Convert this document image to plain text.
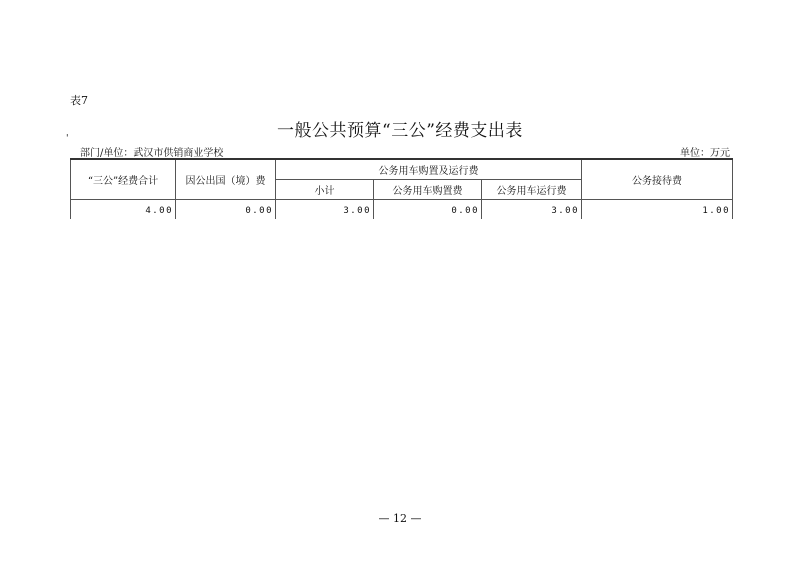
表7
一般公共预算“三公”经费支出表
'
部门/单位：武汉市供销商业学校	单位：万元
“三公”经费合计	因公出国（境）费	公务用车购置及运行费			公务接待费
		小计	公务用车购置费	公务用车运行费	
4.00	0.00	3.00	0.00	3.00	1.00
— 12 —
